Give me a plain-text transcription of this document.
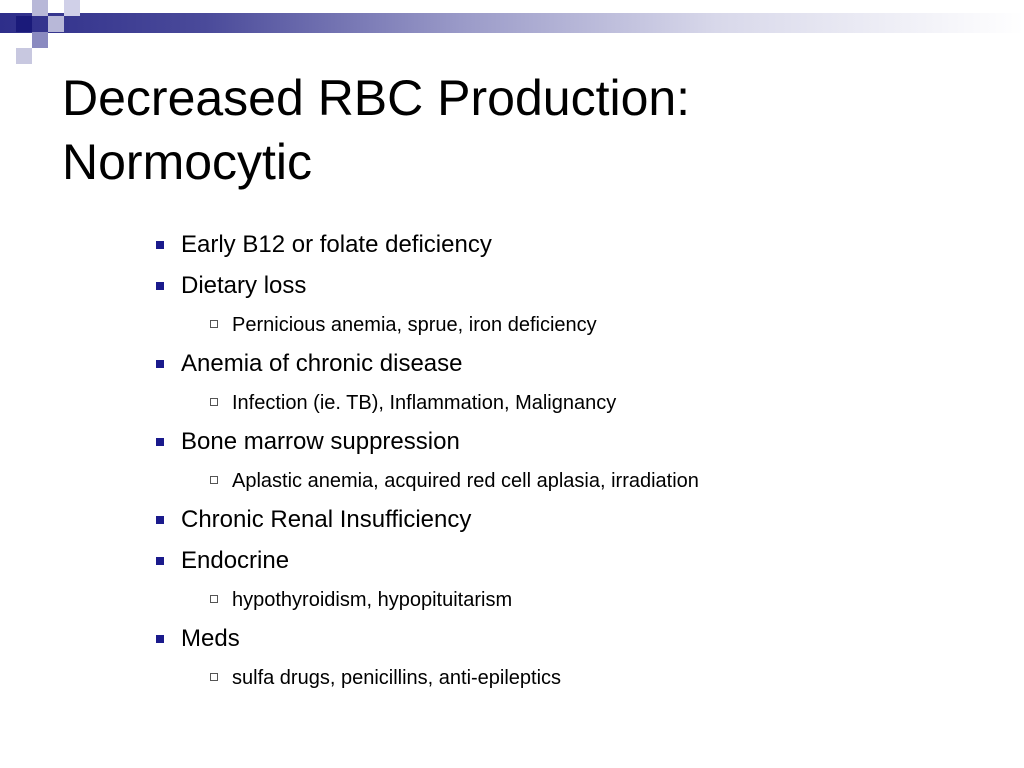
Decreased RBC Production:
Normocytic
Early B12 or folate deficiency
Dietary loss
Pernicious anemia, sprue, iron deficiency
Anemia of chronic disease
Infection (ie. TB), Inflammation, Malignancy
Bone marrow suppression
Aplastic anemia, acquired red cell aplasia, irradiation
Chronic Renal Insufficiency
Endocrine
hypothyroidism, hypopituitarism
Meds
sulfa drugs, penicillins, anti-epileptics
